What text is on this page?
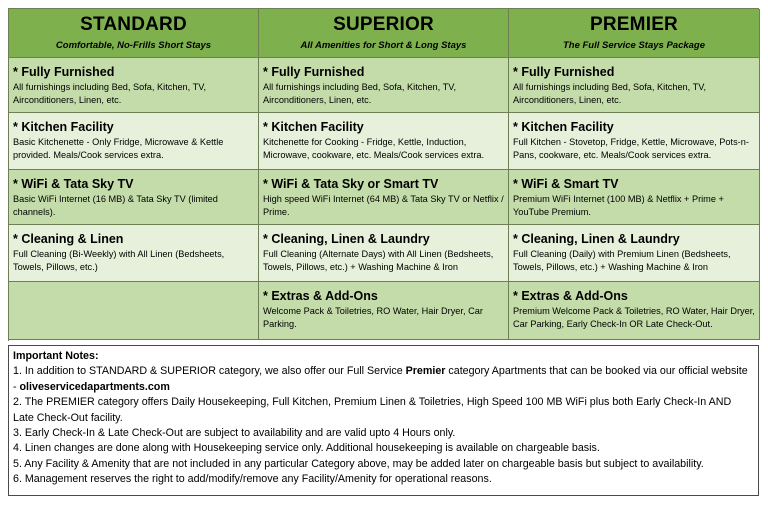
STANDARD
Comfortable, No-Frills Short Stays
SUPERIOR
All Amenities for Short & Long Stays
PREMIER
The Full Service Stays Package
* Fully Furnished
All furnishings including Bed, Sofa, Kitchen, TV, Airconditioners, Linen, etc.
* Fully Furnished
All furnishings including Bed, Sofa, Kitchen, TV, Airconditioners, Linen, etc.
* Fully Furnished
All furnishings including Bed, Sofa, Kitchen, TV, Airconditioners, Linen, etc.
* Kitchen Facility
Basic Kitchenette - Only Fridge, Microwave & Kettle provided. Meals/Cook services extra.
* Kitchen Facility
Kitchenette for Cooking - Fridge, Kettle, Induction, Microwave, cookware, etc. Meals/Cook services extra.
* Kitchen Facility
Full Kitchen - Stovetop, Fridge, Kettle, Microwave, Pots-n-Pans, cookware, etc. Meals/Cook services extra.
* WiFi & Tata Sky TV
Basic WiFi Internet (16 MB) & Tata Sky TV (limited channels).
* WiFi & Tata Sky or Smart TV
High speed WiFi Internet (64 MB) & Tata Sky TV or Netflix / Prime.
* WiFi & Smart TV
Premium WiFi Internet (100 MB) & Netflix + Prime + YouTube Premium.
* Cleaning & Linen
Full Cleaning (Bi-Weekly) with All Linen (Bedsheets, Towels, Pillows, etc.)
* Cleaning, Linen & Laundry
Full Cleaning (Alternate Days) with All Linen (Bedsheets, Towels, Pillows, etc.) + Washing Machine & Iron
* Cleaning, Linen & Laundry
Full Cleaning (Daily) with Premium Linen (Bedsheets, Towels, Pillows, etc.) + Washing Machine & Iron
* Extras & Add-Ons
Welcome Pack & Toiletries, RO Water, Hair Dryer, Car Parking.
* Extras & Add-Ons
Premium Welcome Pack & Toiletries, RO Water, Hair Dryer, Car Parking, Early Check-In OR Late Check-Out.
Important Notes:
1. In addition to STANDARD & SUPERIOR category, we also offer our Full Service Premier category Apartments that can be booked via our official website - oliveservicedapartments.com
2. The PREMIER category offers Daily Housekeeping, Full Kitchen, Premium Linen & Toiletries, High Speed 100 MB WiFi plus both Early Check-In AND Late Check-Out facility.
3. Early Check-In & Late Check-Out are subject to availability and are valid upto 4 Hours only.
4. Linen changes are done along with Housekeeping service only. Additional housekeeping is available on chargeable basis.
5. Any Facility & Amenity that are not included in any particular Category above, may be added later on chargeable basis but subject to availability.
6. Management reserves the right to add/modify/remove any Facility/Amenity for operational reasons.
